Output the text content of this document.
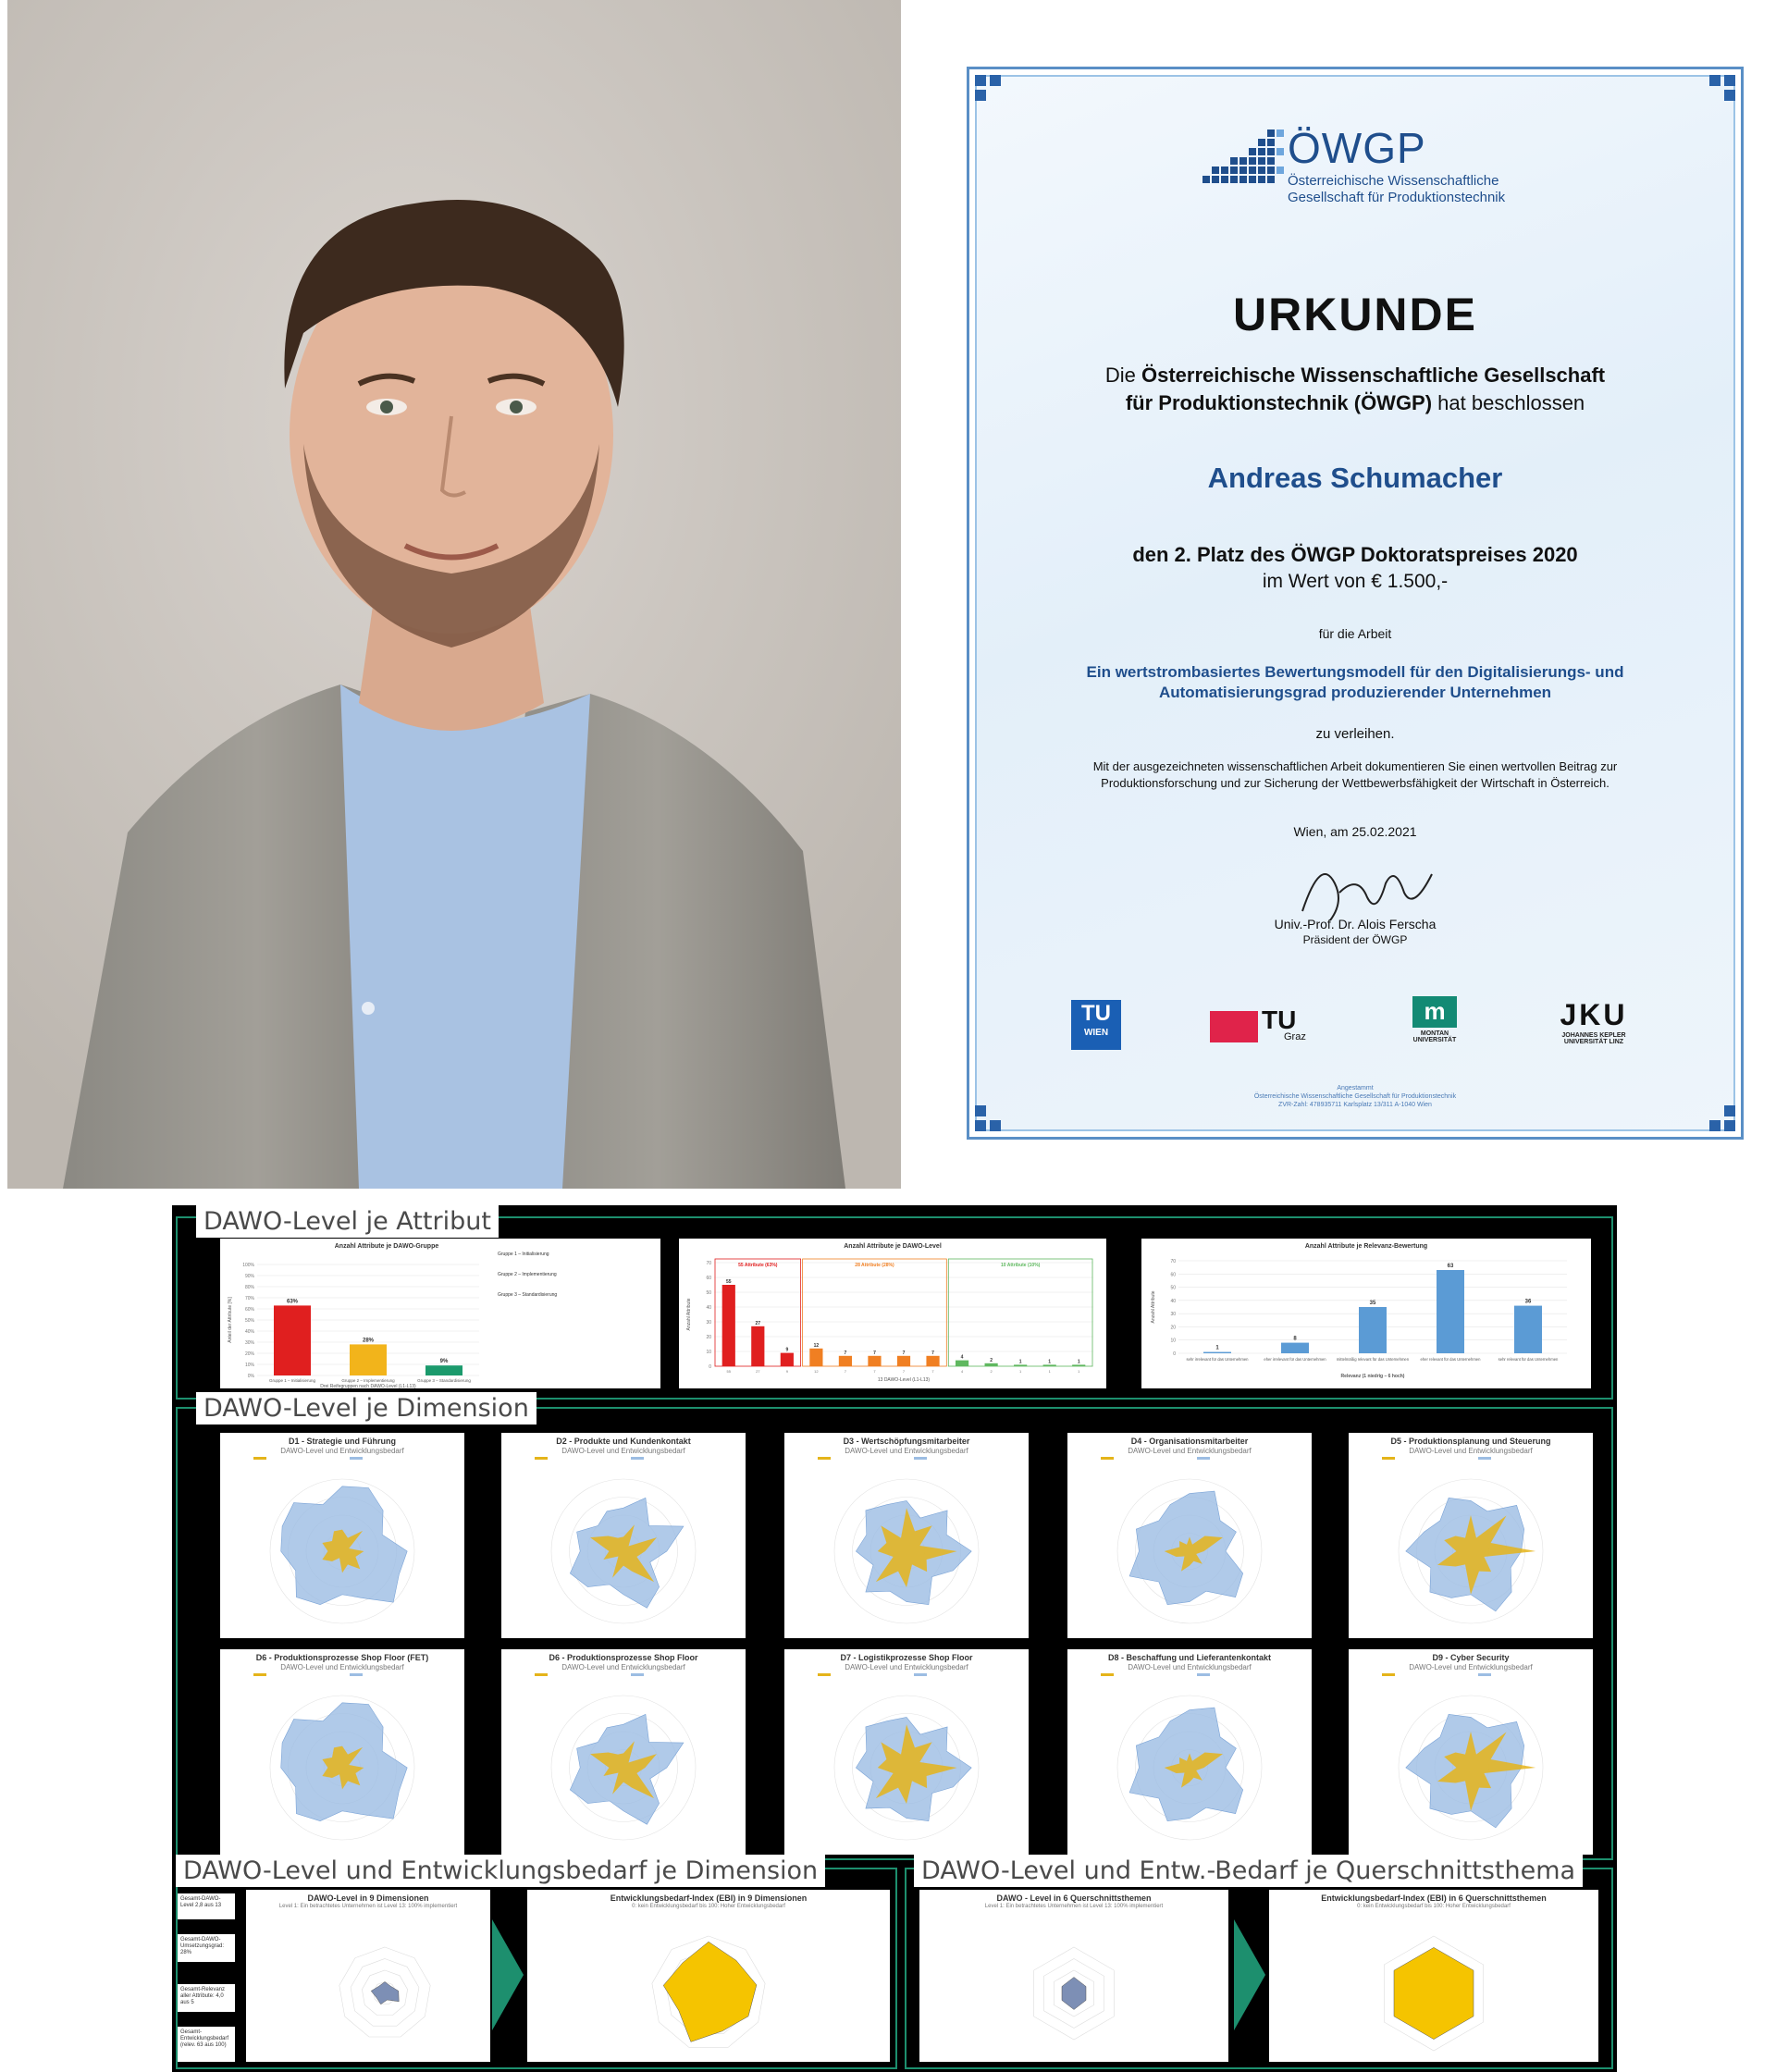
ÖWGP
Österreichische Wissenschaftliche
Gesellschaft für Produktionstechnik
URKUNDE
Die Österreichische Wissenschaftliche Gesellschaft
für Produktionstechnik (ÖWGP) hat beschlossen
Andreas Schumacher
den 2. Platz des ÖWGP Doktoratspreises 2020
im Wert von € 1.500,-
für die Arbeit
Ein wertstrombasiertes Bewertungsmodell für den Digitalisierungs- und
Automatisierungsgrad produzierender Unternehmen
zu verleihen.
Mit der ausgezeichneten wissenschaftlichen Arbeit dokumentieren Sie einen wertvollen Beitrag zur
Produktionsforschung und zur Sicherung der Wettbewerbsfähigkeit der Wirtschaft in Österreich.
Wien, am 25.02.2021
Univ.-Prof. Dr. Alois Ferscha
Präsident der ÖWGP
TU
WIEN	TU
Graz
m
MONTAN UNIVERSITÄT
JKU
JOHANNES KEPLER UNIVERSITÄT LINZ
Angestammt
Österreichische Wissenschaftliche Gesellschaft für Produktionstechnik
ZVR-Zahl: 478935711 Karlsplatz 13/311 A-1040 Wien
DAWO-Level je Attribut
DAWO-Level je Dimension
DAWO-Level und Entwicklungsbedarf je Dimension	DAWO-Level und Entw.-Bedarf je Querschnittsthema
Anzahl Attribute je DAWO-Gruppe
100%
90%
80%
70%
60%
50%
40%
30%
20%
10%
0%
63%
Gruppe 1 – Initialisierung
28%
Gruppe 2 – Implementierung
9%
Gruppe 3 – Standardisierung
Drei Reifegruppen nach DAWO-Level (L1-L13)
Anteil der Attribute [%]
Gruppe 1 – Initialisierung
Gruppe 2 – Implementierung
Gruppe 3 – Standardisierung
Anzahl Attribute je DAWO-Level
70
60
50
40
30
20
10
0
55 Attribute (63%)	28 Attribute (28%)	10 Attribute (10%)
55
55
27
27
9
9
12
12
7
7
7
7
7
7
7
7
4
4
2
2
1
1
1
1
1
1
13 DAWO-Level (L1-L13)
Anzahl Attribute
Anzahl Attribute je Relevanz-Bewertung
70
60
50
40
30
20
10
0
1
sehr irrelevant für das Unternehmen
8
eher irrelevant für das Unternehmen
35
mittelmäßig relevant für das Unternehmen
63
eher relevant für das Unternehmen
36
sehr relevant für das Unternehmen
Relevanz (1 niedrig – 6 hoch)
Anzahl Attribute
D1 - Strategie und Führung
DAWO-Level und Entwicklungsbedarf
D2 - Produkte und Kundenkontakt
DAWO-Level und Entwicklungsbedarf
D3 - Wertschöpfungsmitarbeiter
DAWO-Level und Entwicklungsbedarf
D4 - Organisationsmitarbeiter
DAWO-Level und Entwicklungsbedarf
D5 - Produktionsplanung und Steuerung
DAWO-Level und Entwicklungsbedarf
D6 - Produktionsprozesse Shop Floor (FET)
DAWO-Level und Entwicklungsbedarf
D6 - Produktionsprozesse Shop Floor
DAWO-Level und Entwicklungsbedarf
D7 - Logistikprozesse Shop Floor
DAWO-Level und Entwicklungsbedarf
D8 - Beschaffung und Lieferantenkontakt
DAWO-Level und Entwicklungsbedarf
D9 - Cyber Security
DAWO-Level und Entwicklungsbedarf
Gesamt-DAWO-Level 2,8 aus 13
Gesamt-DAWO-Umsetzungsgrad: 28%
Gesamt-Relevanz aller Attribute: 4,0 aus 5
Gesamt-Entwicklungsbedarf (relev. 63 aus 100)
DAWO-Level in 9 Dimensionen
Level 1: Ein betrachtetes Unternehmen ist Level 13: 100% implementiert
Entwicklungsbedarf-Index (EBI) in 9 Dimensionen
0: kein Entwicklungsbedarf bis 100: Hoher Entwicklungsbedarf
DAWO - Level in 6 Querschnittsthemen
Level 1: Ein betrachtetes Unternehmen ist Level 13: 100% implementiert
Entwicklungsbedarf-Index (EBI) in 6 Querschnittsthemen
0: kein Entwicklungsbedarf bis 100: Hoher Entwicklungsbedarf
